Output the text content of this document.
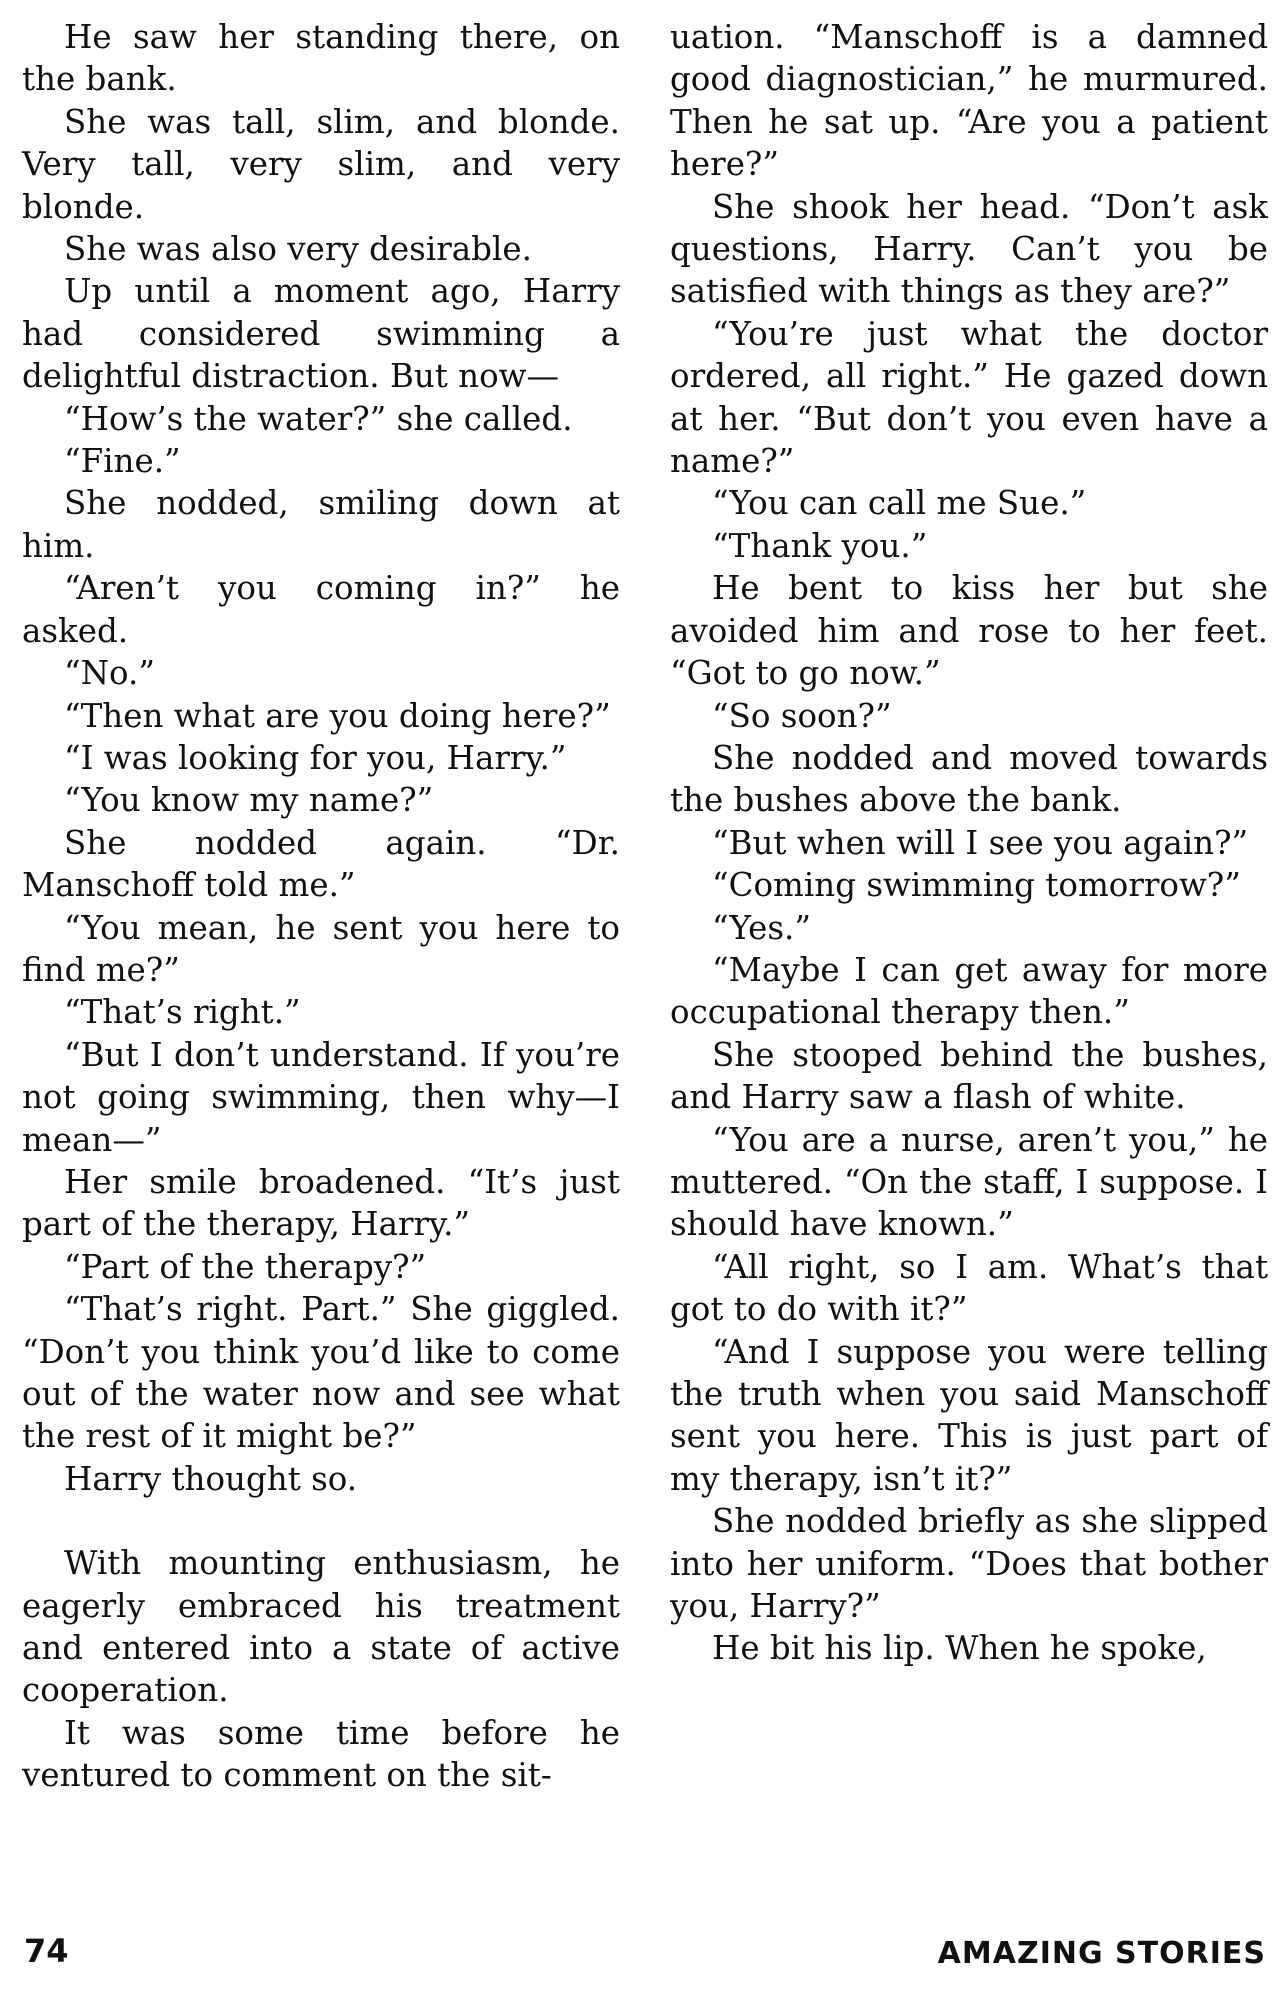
He saw her standing there, on the bank.

She was tall, slim, and blonde. Very tall, very slim, and very blonde.

She was also very desirable.

Up until a moment ago, Harry had considered swimming a delightful distraction. But now—

“How’s the water?” she called.

“Fine.”

She nodded, smiling down at him.

“Aren’t you coming in?” he asked.

“No.”

“Then what are you doing here?”

“I was looking for you, Harry.”

“You know my name?”

She nodded again. “Dr. Manschoff told me.”

“You mean, he sent you here to find me?”

“That’s right.”

“But I don’t understand. If you’re not going swimming, then why—I mean—”

Her smile broadened. “It’s just part of the therapy, Harry.”

“Part of the therapy?”

“That’s right. Part.” She giggled. “Don’t you think you’d like to come out of the water now and see what the rest of it might be?”

Harry thought so.

With mounting enthusiasm, he eagerly embraced his treatment and entered into a state of active cooperation.

It was some time before he ventured to comment on the sit-

uation. “Manschoff is a damned good diagnostician,” he murmured. Then he sat up. “Are you a patient here?”

She shook her head. “Don’t ask questions, Harry. Can’t you be satisfied with things as they are?”

“You’re just what the doctor ordered, all right.” He gazed down at her. “But don’t you even have a name?”

“You can call me Sue.”

“Thank you.”

He bent to kiss her but she avoided him and rose to her feet. “Got to go now.”

“So soon?”

She nodded and moved towards the bushes above the bank.

“But when will I see you again?”

“Coming swimming tomorrow?”

“Yes.”

“Maybe I can get away for more occupational therapy then.”

She stooped behind the bushes, and Harry saw a flash of white.

“You are a nurse, aren’t you,” he muttered. “On the staff, I suppose. I should have known.”

“All right, so I am. What’s that got to do with it?”

“And I suppose you were telling the truth when you said Manschoff sent you here. This is just part of my therapy, isn’t it?”

She nodded briefly as she slipped into her uniform. “Does that bother you, Harry?”

He bit his lip. When he spoke,

74	AMAZING STORIES
